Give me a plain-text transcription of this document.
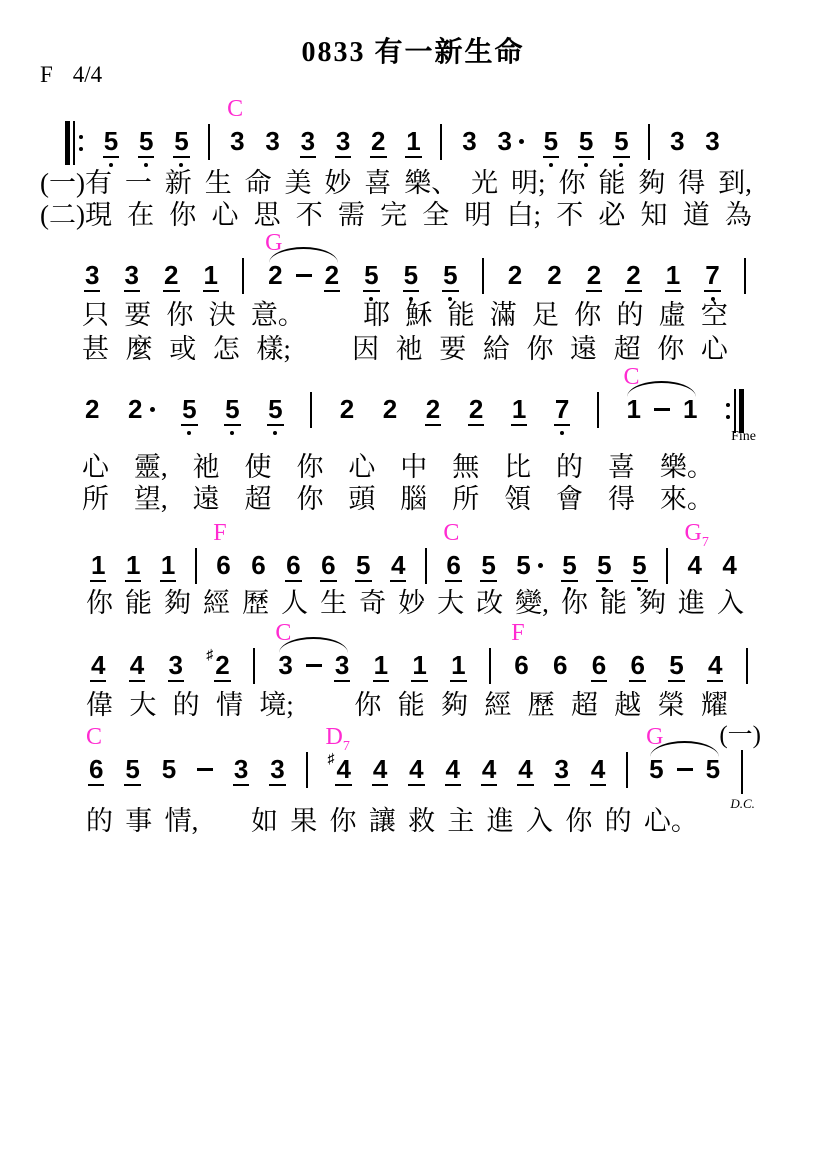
0833 有一新生命
F 4/4
5 5 5
C
3 3 3 3 2 1 3 3 5 5 5 3 3
(一)有 一 新 生 命 美 妙 喜 樂、 光 明; 你 能 夠 得 到,
(二)現 在 你 心 思 不 需 完 全 明 白; 不 必 知 道 為
3 3 2 1
G
2 2 5 5 5 2 2 2 2 1 7
只 要 你 決 意。 耶 穌 能 滿 足 你 的 虛 空
甚 麼 或 怎 樣; 因 祂 要 給 你 遠 超 你 心
2 2 5 5 5 2 2 2 2 1 7
C
1 1
Fine
心 靈, 祂 使 你 心 中 無 比 的 喜 樂。
所 望, 遠 超 你 頭 腦 所 領 會 得 來。
1 1 1
F
6 6 6 6 5 4
C
6 5 5 5 5 5
$G_7$
4 4
你 能 夠 經 歷 人 生 奇 妙 大 改 變, 你 能 夠 進 入
4 4 3 ♯ 2
C
3 3 1 1 1
F
6 6 6 6 5 4
偉 大 的 情 境; 你 能 夠 經 歷 超 越 榮 耀
C
6 5 5 3 3
$D_7$
♯ 4 4 4 4 4 4 3 4
G
5 5
D.C.
(一)
的 事 情, 如 果 你 讓 救 主 進 入 你 的 心。
